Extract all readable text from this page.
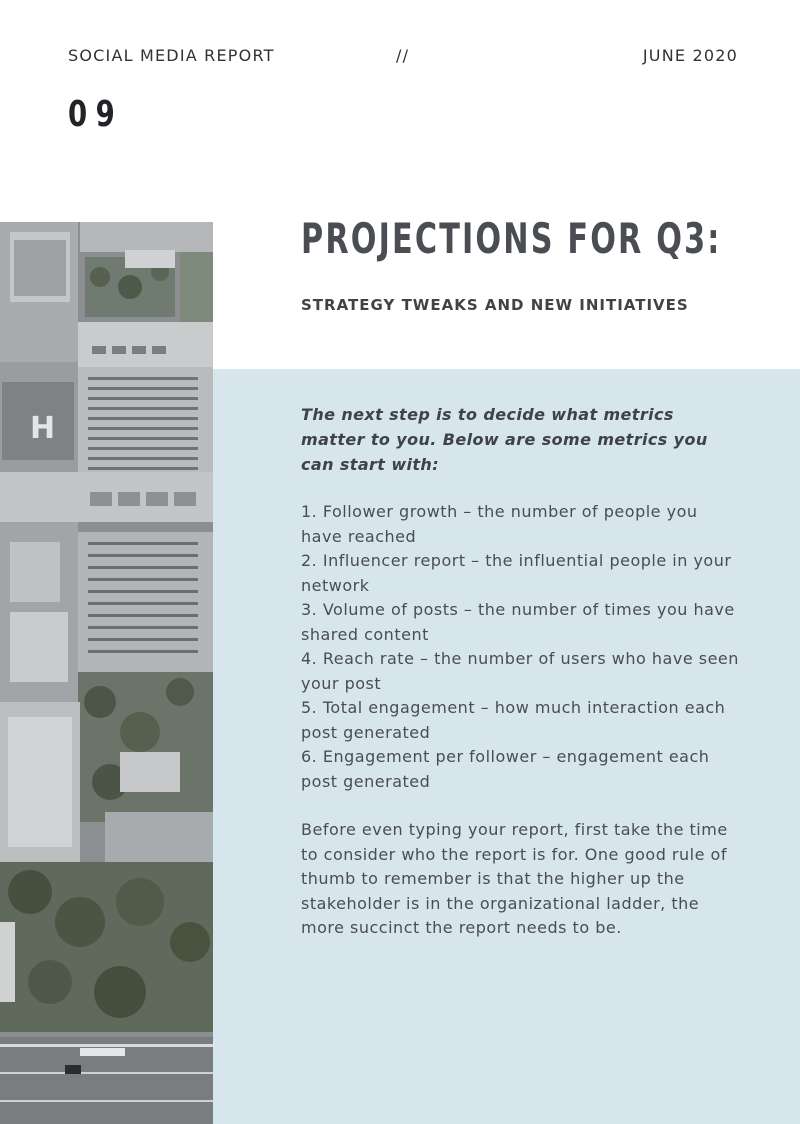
SOCIAL MEDIA REPORT	//	JUNE 2020
09
H
PROJECTIONS FOR Q3:
STRATEGY TWEAKS AND NEW INITIATIVES
The next step is to decide what metrics matter to you. Below are some metrics you can start with:
1. Follower growth – the number of people you have reached
2. Influencer report – the influential people in your network
3. Volume of posts – the number of times you have shared content
4. Reach rate – the number of users who have seen your post
5. Total engagement – how much interaction each post generated
6. Engagement per follower – engagement each post generated
Before even typing your report, first take the time to consider who the report is for. One good rule of thumb to remember is that the higher up the stakeholder is in the organizational ladder, the more succinct the report needs to be.
